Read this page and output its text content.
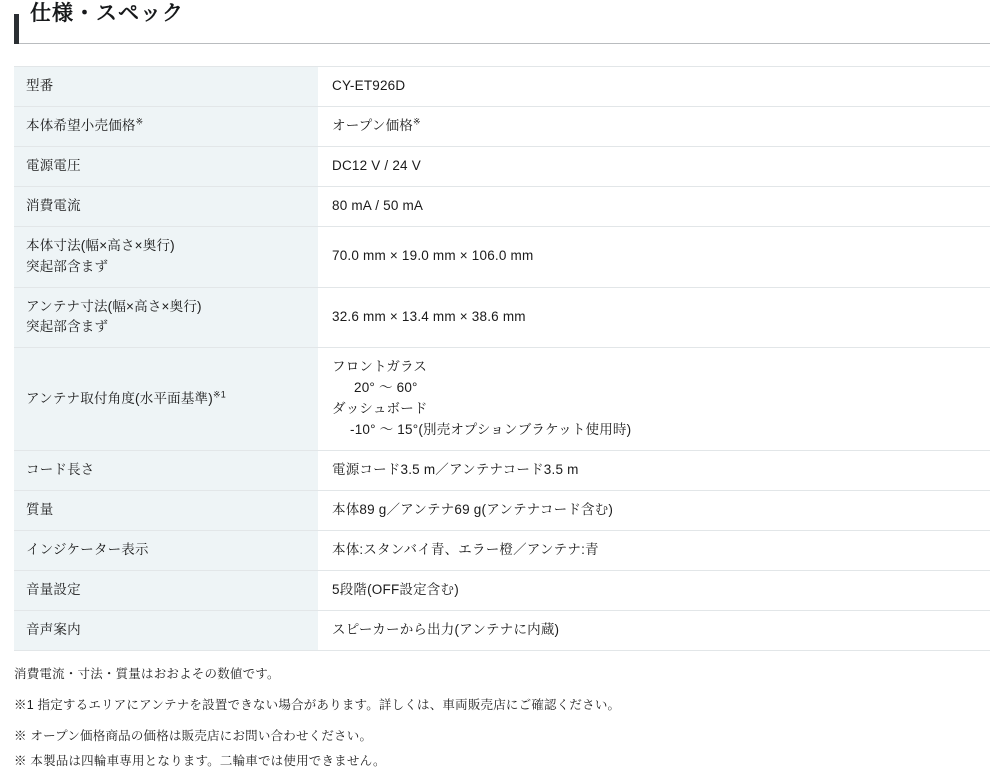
仕様・スペック
型番	CY-ET926D
本体希望小売価格※	オープン価格※
電源電圧	DC12 V / 24 V
消費電流	80 mA / 50 mA
本体寸法(幅×高さ×奥行)
突起部含まず	70.0 mm × 19.0 mm × 106.0 mm
アンテナ寸法(幅×高さ×奥行)
突起部含まず	32.6 mm × 13.4 mm × 38.6 mm
アンテナ取付角度(水平面基準)$^{※1}$	フロントガラス
20° 〜 60°
ダッシュボード
-10° 〜 15°(別売オプションブラケット使用時)

コード長さ	電源コード3.5 m／アンテナコード3.5 m
質量	本体89 g／アンテナ69 g(アンテナコード含む)
インジケーター表示	本体:スタンバイ青、エラー橙／アンテナ:青
音量設定	5段階(OFF設定含む)
音声案内	スピーカーから出力(アンテナに内蔵)
消費電流・寸法・質量はおおよその数値です。
※1 指定するエリアにアンテナを設置できない場合があります。詳しくは、車両販売店にご確認ください。
※ オープン価格商品の価格は販売店にお問い合わせください。
※ 本製品は四輪車専用となります。二輪車では使用できません。
